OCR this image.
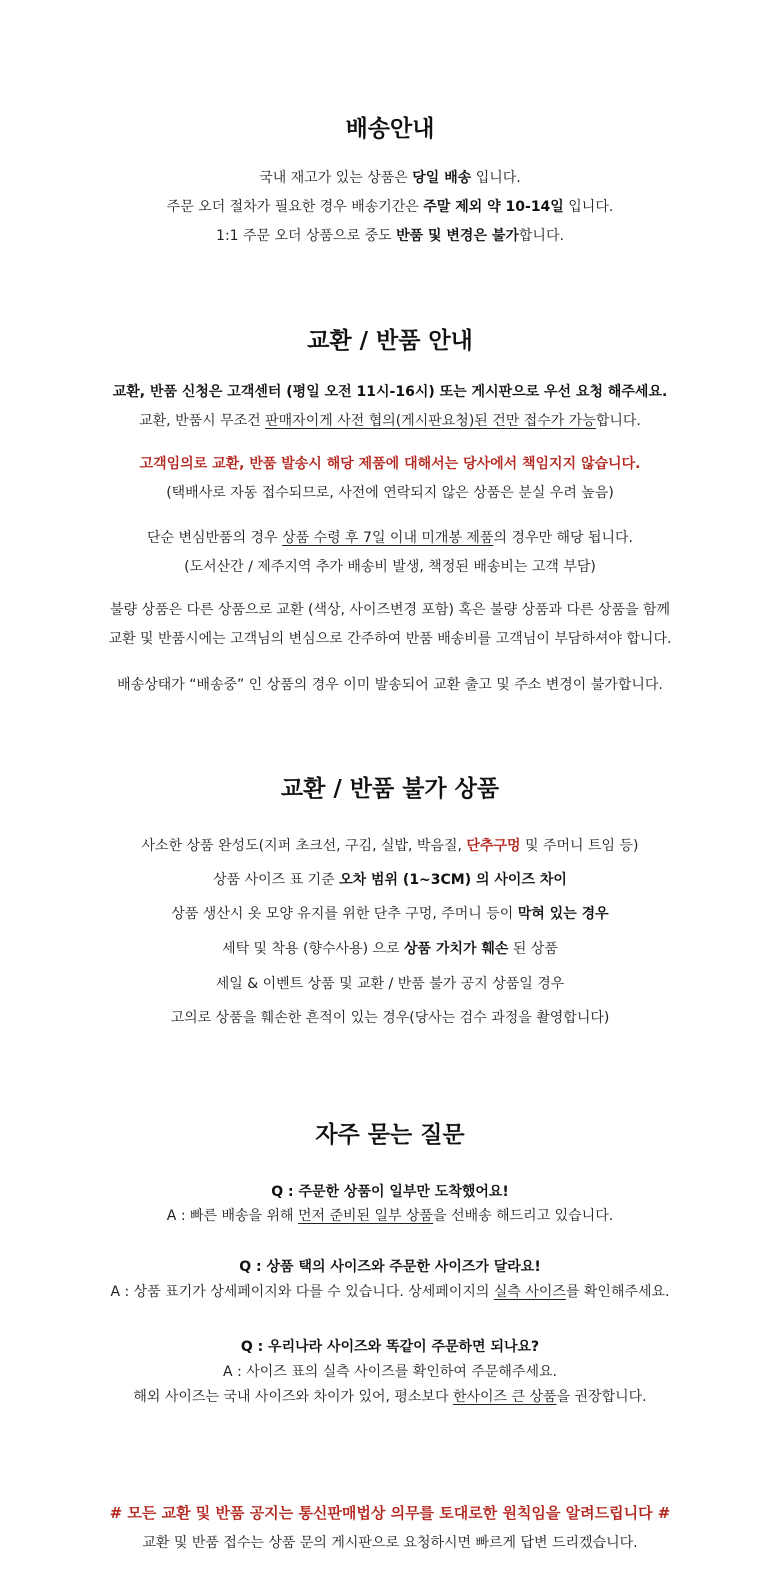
배송안내

국내 재고가 있는 상품은 당일 배송 입니다.

주문 오더 절차가 필요한 경우 배송기간은 주말 제외 약 10-14일 입니다.

1:1 주문 오더 상품으로 중도 반품 및 변경은 불가합니다.

교환 / 반품 안내

교환, 반품 신청은 고객센터 (평일 오전 11시-16시) 또는 게시판으로 우선 요청 해주세요.

교환, 반품시 무조건 판매자이게 사전 협의(게시판요청)된 건만 접수가 가능합니다.

고객임의로 교환, 반품 발송시 해당 제품에 대해서는 당사에서 책임지지 않습니다.

(택배사로 자동 접수되므로, 사전에 연락되지 않은 상품은 분실 우려 높음)

단순 변심반품의 경우 상품 수령 후 7일 이내 미개봉 제품의 경우만 해당 됩니다.

(도서산간 / 제주지역 추가 배송비 발생, 책정된 배송비는 고객 부담)

불량 상품은 다른 상품으로 교환 (색상, 사이즈변경 포함) 혹은 불량 상품과 다른 상품을 함께

교환 및 반품시에는 고객님의 변심으로 간주하여 반품 배송비를 고객님이 부담하셔야 합니다.

배송상태가 “배송중” 인 상품의 경우 이미 발송되어 교환 출고 및 주소 변경이 불가합니다.

교환 / 반품 불가 상품

사소한 상품 완성도(지퍼 초크선, 구김, 실밥, 박음질, 단추구멍 및 주머니 트임 등)

상품 사이즈 표 기준 오차 범위 (1~3CM) 의 사이즈 차이

상품 생산시 옷 모양 유지를 위한 단추 구멍, 주머니 등이 막혀 있는 경우

세탁 및 착용 (향수사용) 으로 상품 가치가 훼손 된 상품

세일 & 이벤트 상품 및 교환 / 반품 불가 공지 상품일 경우

고의로 상품을 훼손한 흔적이 있는 경우(당사는 검수 과정을 촬영합니다)

자주 묻는 질문

Q : 주문한 상품이 일부만 도착했어요!

A : 빠른 배송을 위해 먼저 준비된 일부 상품을 선배송 해드리고 있습니다.

Q : 상품 택의 사이즈와 주문한 사이즈가 달라요!

A : 상품 표기가 상세페이지와 다를 수 있습니다. 상세페이지의 실측 사이즈를 확인해주세요.

Q : 우리나라 사이즈와 똑같이 주문하면 되나요?

A : 사이즈 표의 실측 사이즈를 확인하여 주문해주세요.

해외 사이즈는 국내 사이즈와 차이가 있어, 평소보다 한사이즈 큰 상품을 권장합니다.

# 모든 교환 및 반품 공지는 통신판매법상 의무를 토대로한 원칙임을 알려드립니다 #

교환 및 반품 접수는 상품 문의 게시판으로 요청하시면 빠르게 답변 드리겠습니다.
